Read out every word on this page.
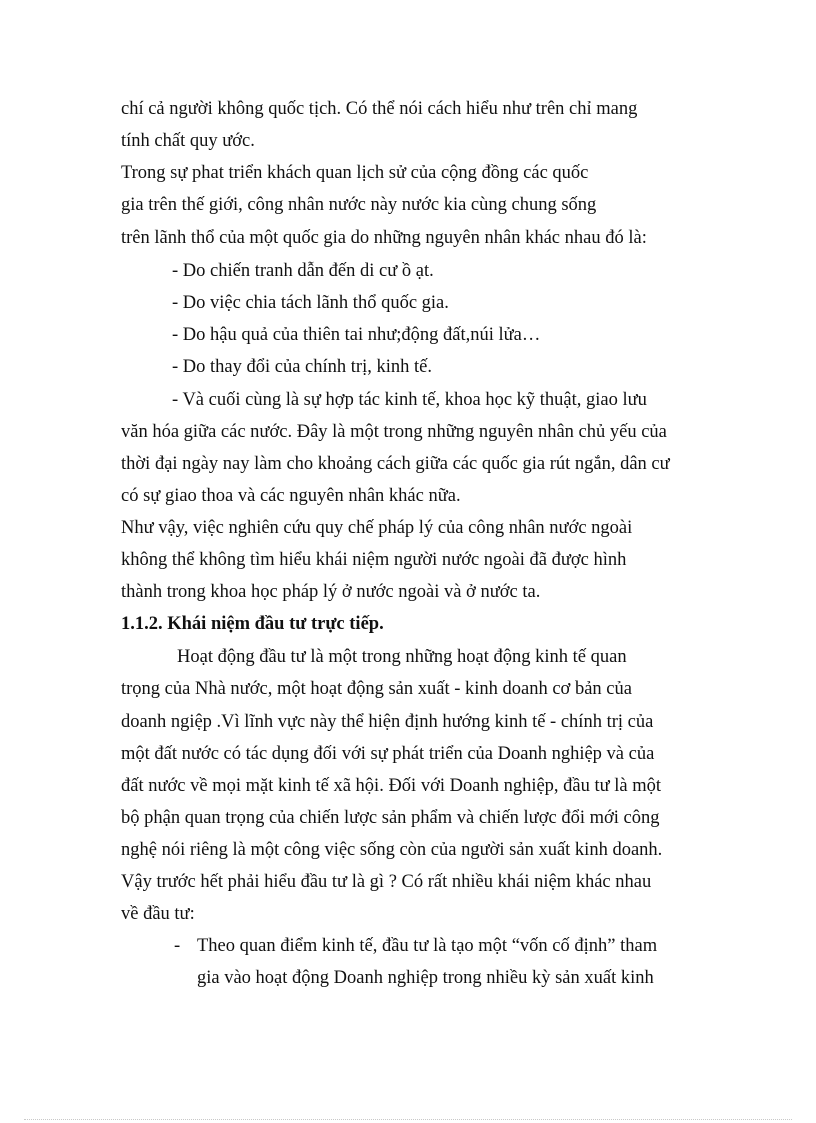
chí cả người không quốc tịch. Có thể nói cách hiểu như trên chỉ mang
tính chất quy ước.
Trong sự phat triển khách quan lịch sử của cộng đồng các quốc
gia trên thế giới, công nhân nước này nước kia cùng chung sống
trên lãnh thổ của một quốc gia do những nguyên nhân khác nhau đó là:
- Do chiến tranh dẫn đến di cư ồ ạt.
- Do việc chia tách lãnh thổ quốc gia.
- Do hậu quả của thiên tai như;động đất,núi lửa…
- Do thay đổi của chính trị, kinh tế.
- Và cuối cùng là sự hợp tác kinh tế, khoa học kỹ thuật, giao lưu
văn hóa giữa các nước. Đây là một trong những nguyên nhân chủ yếu của
thời đại ngày nay làm cho khoảng cách giữa các quốc gia rút ngắn, dân cư
có sự giao thoa và các nguyên nhân khác nữa.
Như vậy, việc nghiên cứu quy chế pháp lý của công nhân nước ngoài
không thể không tìm hiểu khái niệm người nước ngoài đã được hình
thành trong khoa học pháp lý ở nước ngoài và ở nước ta.
1.1.2. Khái niệm đầu tư trực tiếp.
Hoạt động đầu tư là một trong những hoạt động kinh tế quan
trọng của Nhà nước, một hoạt động sản xuất - kinh doanh cơ bản của
doanh ngiệp .Vì lĩnh vực này thể hiện định hướng kinh tế - chính trị của
một đất nước có tác dụng đối với sự phát triển của Doanh nghiệp và của
đất nước về mọi mặt kinh tế xã hội. Đối với Doanh nghiệp, đầu tư là một
bộ phận quan trọng của chiến lược sản phẩm và chiến lược đổi mới công
nghệ nói riêng là một công việc sống còn của người sản xuất kinh doanh.
Vậy trước hết phải hiểu đầu tư là gì ? Có rất nhiều khái niệm khác nhau
về đầu tư:
- Theo quan điểm kinh tế, đầu tư là tạo một “vốn cố định” tham
gia vào hoạt động Doanh nghiệp trong nhiều kỳ sản xuất kinh
